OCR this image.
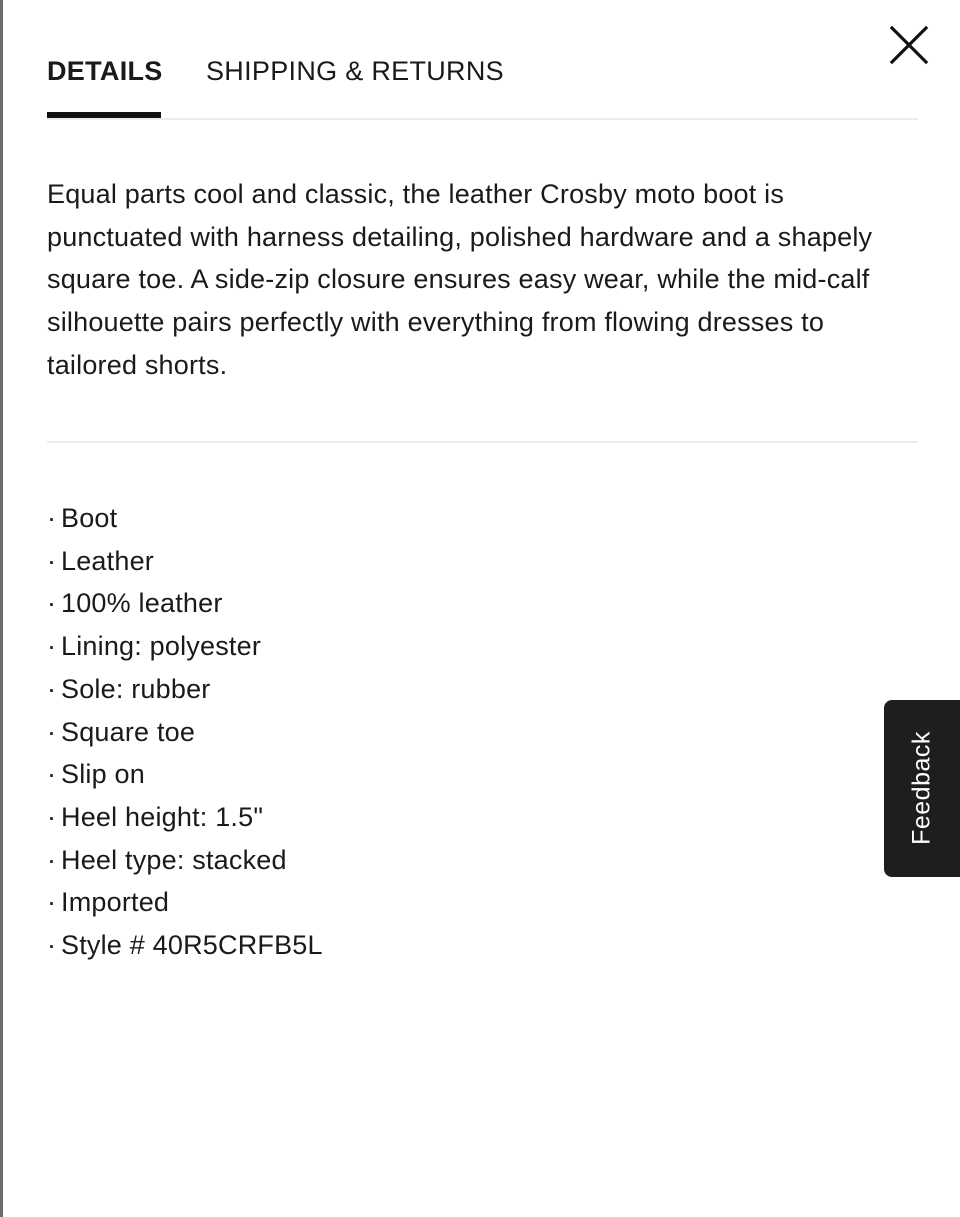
DETAILS SHIPPING & RETURNS

Equal parts cool and classic, the leather Crosby moto boot is punctuated with harness detailing, polished hardware and a shapely square toe. A side-zip closure ensures easy wear, while the mid-calf silhouette pairs perfectly with everything from flowing dresses to tailored shorts.

· Boot
· Leather
· 100% leather
· Lining: polyester
· Sole: rubber
· Square toe
· Slip on
· Heel height: 1.5"
· Heel type: stacked
· Imported
· Style # 40R5CRFB5L
Feedback
